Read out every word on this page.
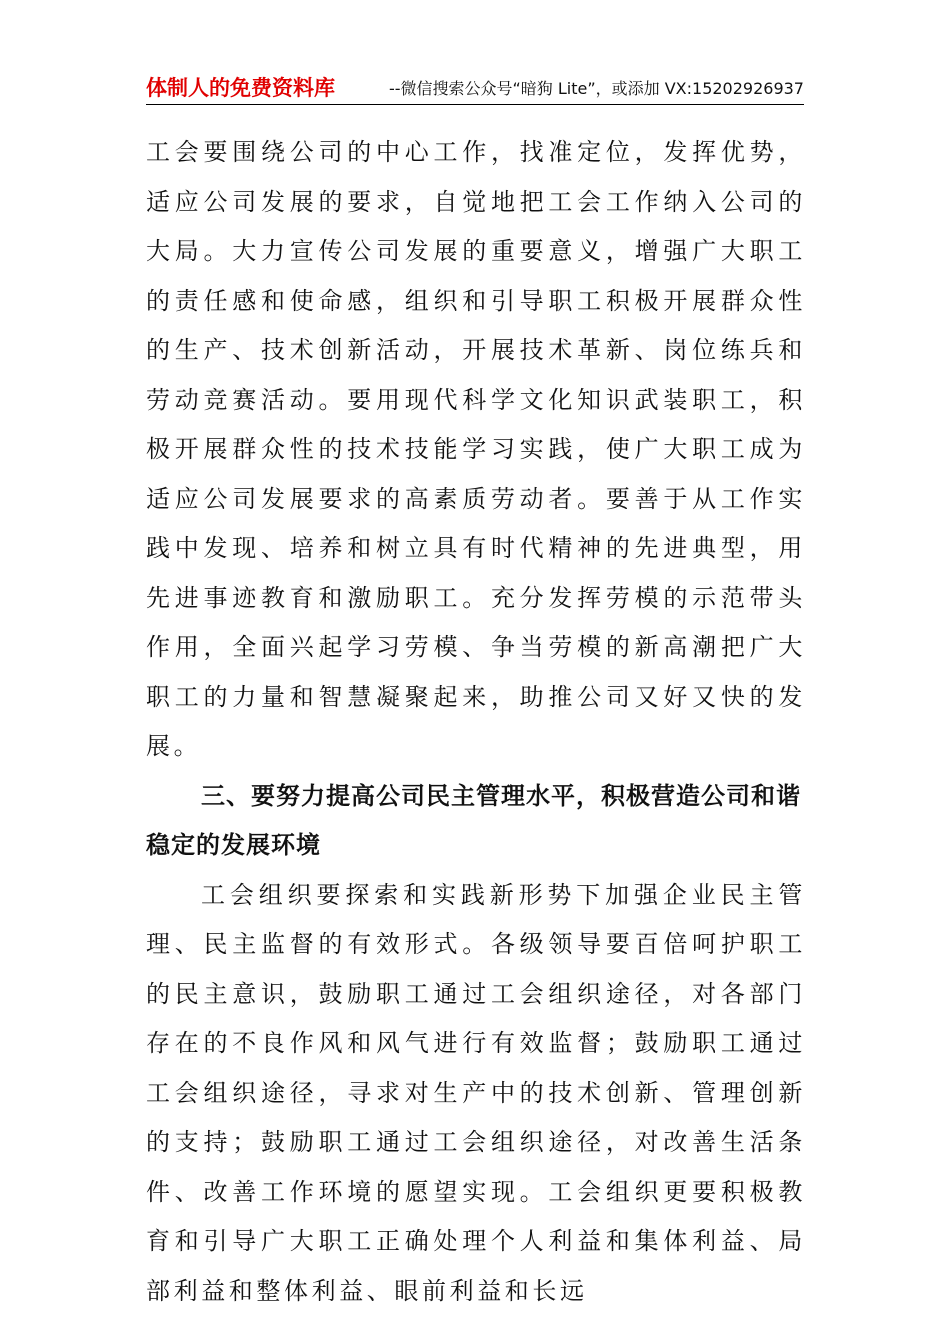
体制人的免费资料库	--微信搜索公众号“暗狗 Lite”，或添加 VX:15202926937

工会要围绕公司的中心工作，找准定位，发挥优势，适应公司发展的要求，自觉地把工会工作纳入公司的大局。大力宣传公司发展的重要意义，增强广大职工的责任感和使命感，组织和引导职工积极开展群众性的生产、技术创新活动，开展技术革新、岗位练兵和劳动竞赛活动。要用现代科学文化知识武装职工，积极开展群众性的技术技能学习实践，使广大职工成为适应公司发展要求的高素质劳动者。要善于从工作实践中发现、培养和树立具有时代精神的先进典型，用先进事迹教育和激励职工。充分发挥劳模的示范带头作用，全面兴起学习劳模、争当劳模的新高潮把广大职工的力量和智慧凝聚起来，助推公司又好又快的发展。

三、要努力提高公司民主管理水平，积极营造公司和谐稳定的发展环境

工会组织要探索和实践新形势下加强企业民主管理、民主监督的有效形式。各级领导要百倍呵护职工的民主意识，鼓励职工通过工会组织途径，对各部门存在的不良作风和风气进行有效监督；鼓励职工通过工会组织途径，寻求对生产中的技术创新、管理创新的支持；鼓励职工通过工会组织途径，对改善生活条件、改善工作环境的愿望实现。工会组织更要积极教育和引导广大职工正确处理个人利益和集体利益、局部利益和整体利益、眼前利益和长远
